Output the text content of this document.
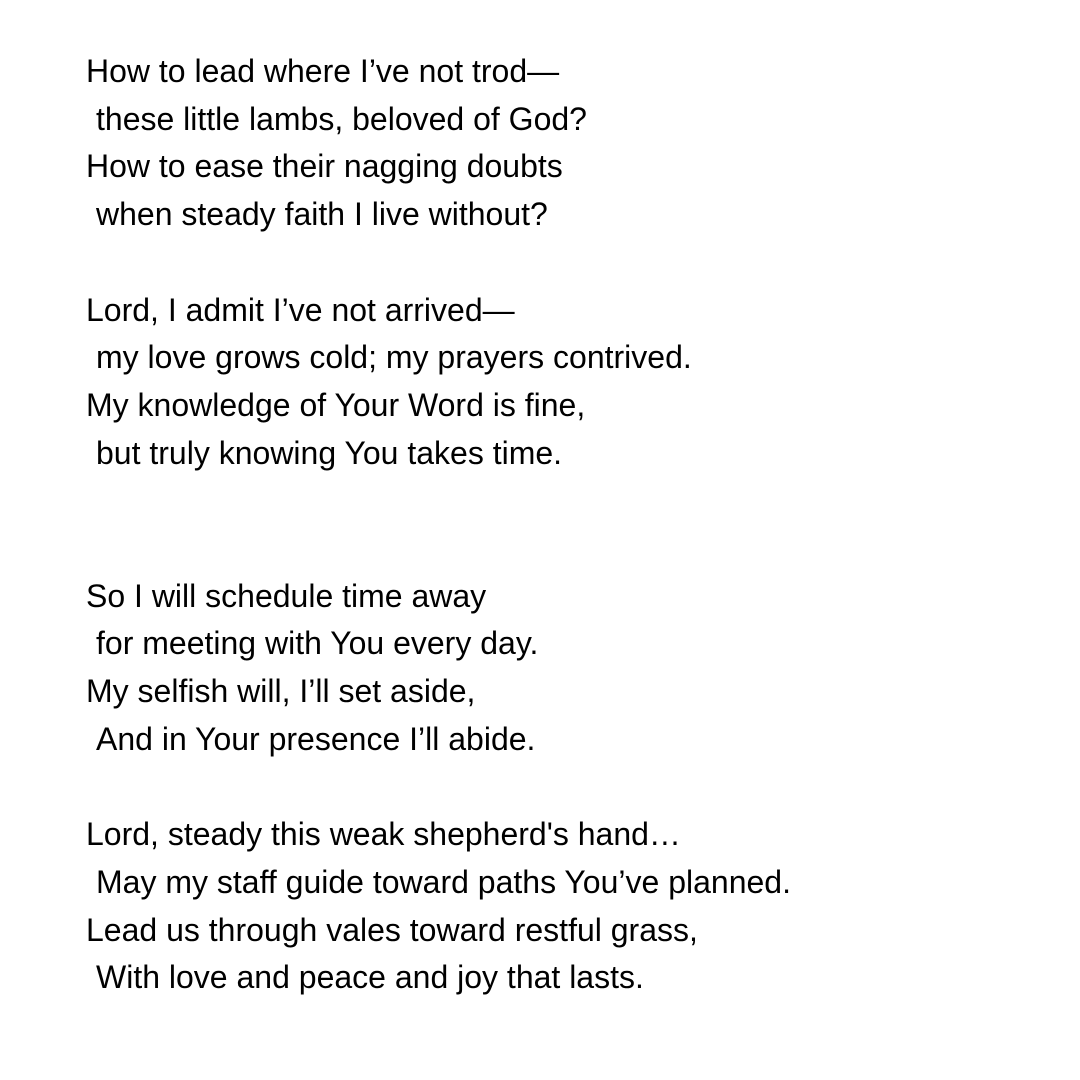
How to lead where I’ve not trod—
these little lambs, beloved of God?
How to ease their nagging doubts
when steady faith I live without?
Lord, I admit I’ve not arrived—
my love grows cold; my prayers contrived.
My knowledge of Your Word is fine,
but truly knowing You takes time.
So I will schedule time away
for meeting with You every day.
My selfish will, I’ll set aside,
And in Your presence I’ll abide.
Lord, steady this weak shepherd's hand…
May my staff guide toward paths You’ve planned.
Lead us through vales toward restful grass,
With love and peace and joy that lasts.
